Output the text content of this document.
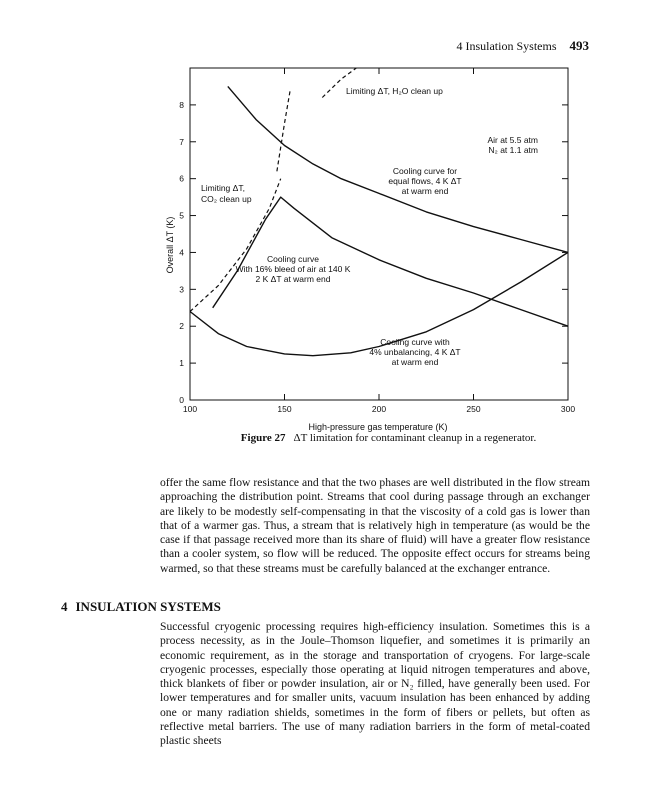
4 Insulation Systems 493
100	150	200	250	300
0
1
2
3
4
5
6
7
8
Overall ΔT (K)
High-pressure gas temperature (K)
Limiting ΔT, H₂O clean up
Air at 5.5 atm
N₂ at 1.1 atm
Cooling curve for
equal flows, 4 K ΔT
at warm end
Limiting ΔT,
CO₂ clean up
Cooling curve
With 16% bleed of air at 140 K
2 K ΔT at warm end
Cooling curve with
4% unbalancing, 4 K ΔT
at warm end
Figure 27 ΔT limitation for contaminant cleanup in a regenerator.

offer the same flow resistance and that the two phases are well distributed in the flow stream approaching the distribution point. Streams that cool during passage through an exchanger are likely to be modestly self-compensating in that the viscosity of a cold gas is lower than that of a warmer gas. Thus, a stream that is relatively high in temperature (as would be the case if that passage received more than its share of fluid) will have a greater flow resistance than a cooler system, so flow will be reduced. The opposite effect occurs for streams being warmed, so that these streams must be carefully balanced at the exchanger entrance.

4 INSULATION SYSTEMS

Successful cryogenic processing requires high-efficiency insulation. Sometimes this is a process necessity, as in the Joule–Thomson liquefier, and sometimes it is primarily an economic requirement, as in the storage and transportation of cryogens. For large-scale cryogenic processes, especially those operating at liquid nitrogen temperatures and above, thick blankets of fiber or powder insulation, air or N₂ filled, have generally been used. For lower temperatures and for smaller units, vacuum insulation has been enhanced by adding one or many radiation shields, sometimes in the form of fibers or pellets, but often as reflective metal barriers. The use of many radiation barriers in the form of metal-coated plastic sheets
